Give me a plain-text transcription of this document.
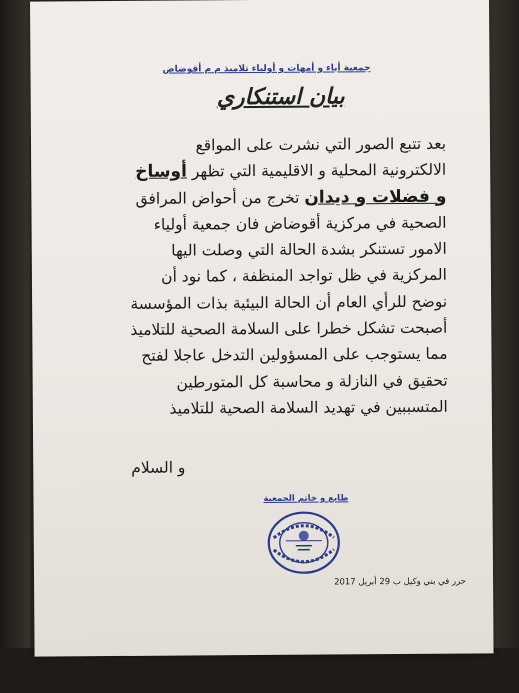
جمعية أباء و أمهات و أولياء تلاميذ م م أقوضاض
بيان استنكاري
بعد تتبع الصور التي نشرت على المواقع
الالكترونية المحلية و الاقليمية التي تظهر أوساخ
و فضلات و ديدان تخرج من أحواض المرافق
الصحية في مركزية أقوضاض فان جمعية أولياء
الامور تستنكر بشدة الحالة التي وصلت اليها
المركزية في ظل تواجد المنظفة ، كما نود أن
نوضح للرأي العام أن الحالة البيئية بذات المؤسسة
أصبحت تشكل خطرا على السلامة الصحية للتلاميذ
مما يستوجب على المسؤولين التدخل عاجلا لفتح
تحقيق في النازلة و محاسبة كل المتورطين
المتسببين في تهديد السلامة الصحية للتلاميذ
و السلام
طابع و خاتم الجمعية
حرر في بني وكيل ب 29 أبريل 2017
